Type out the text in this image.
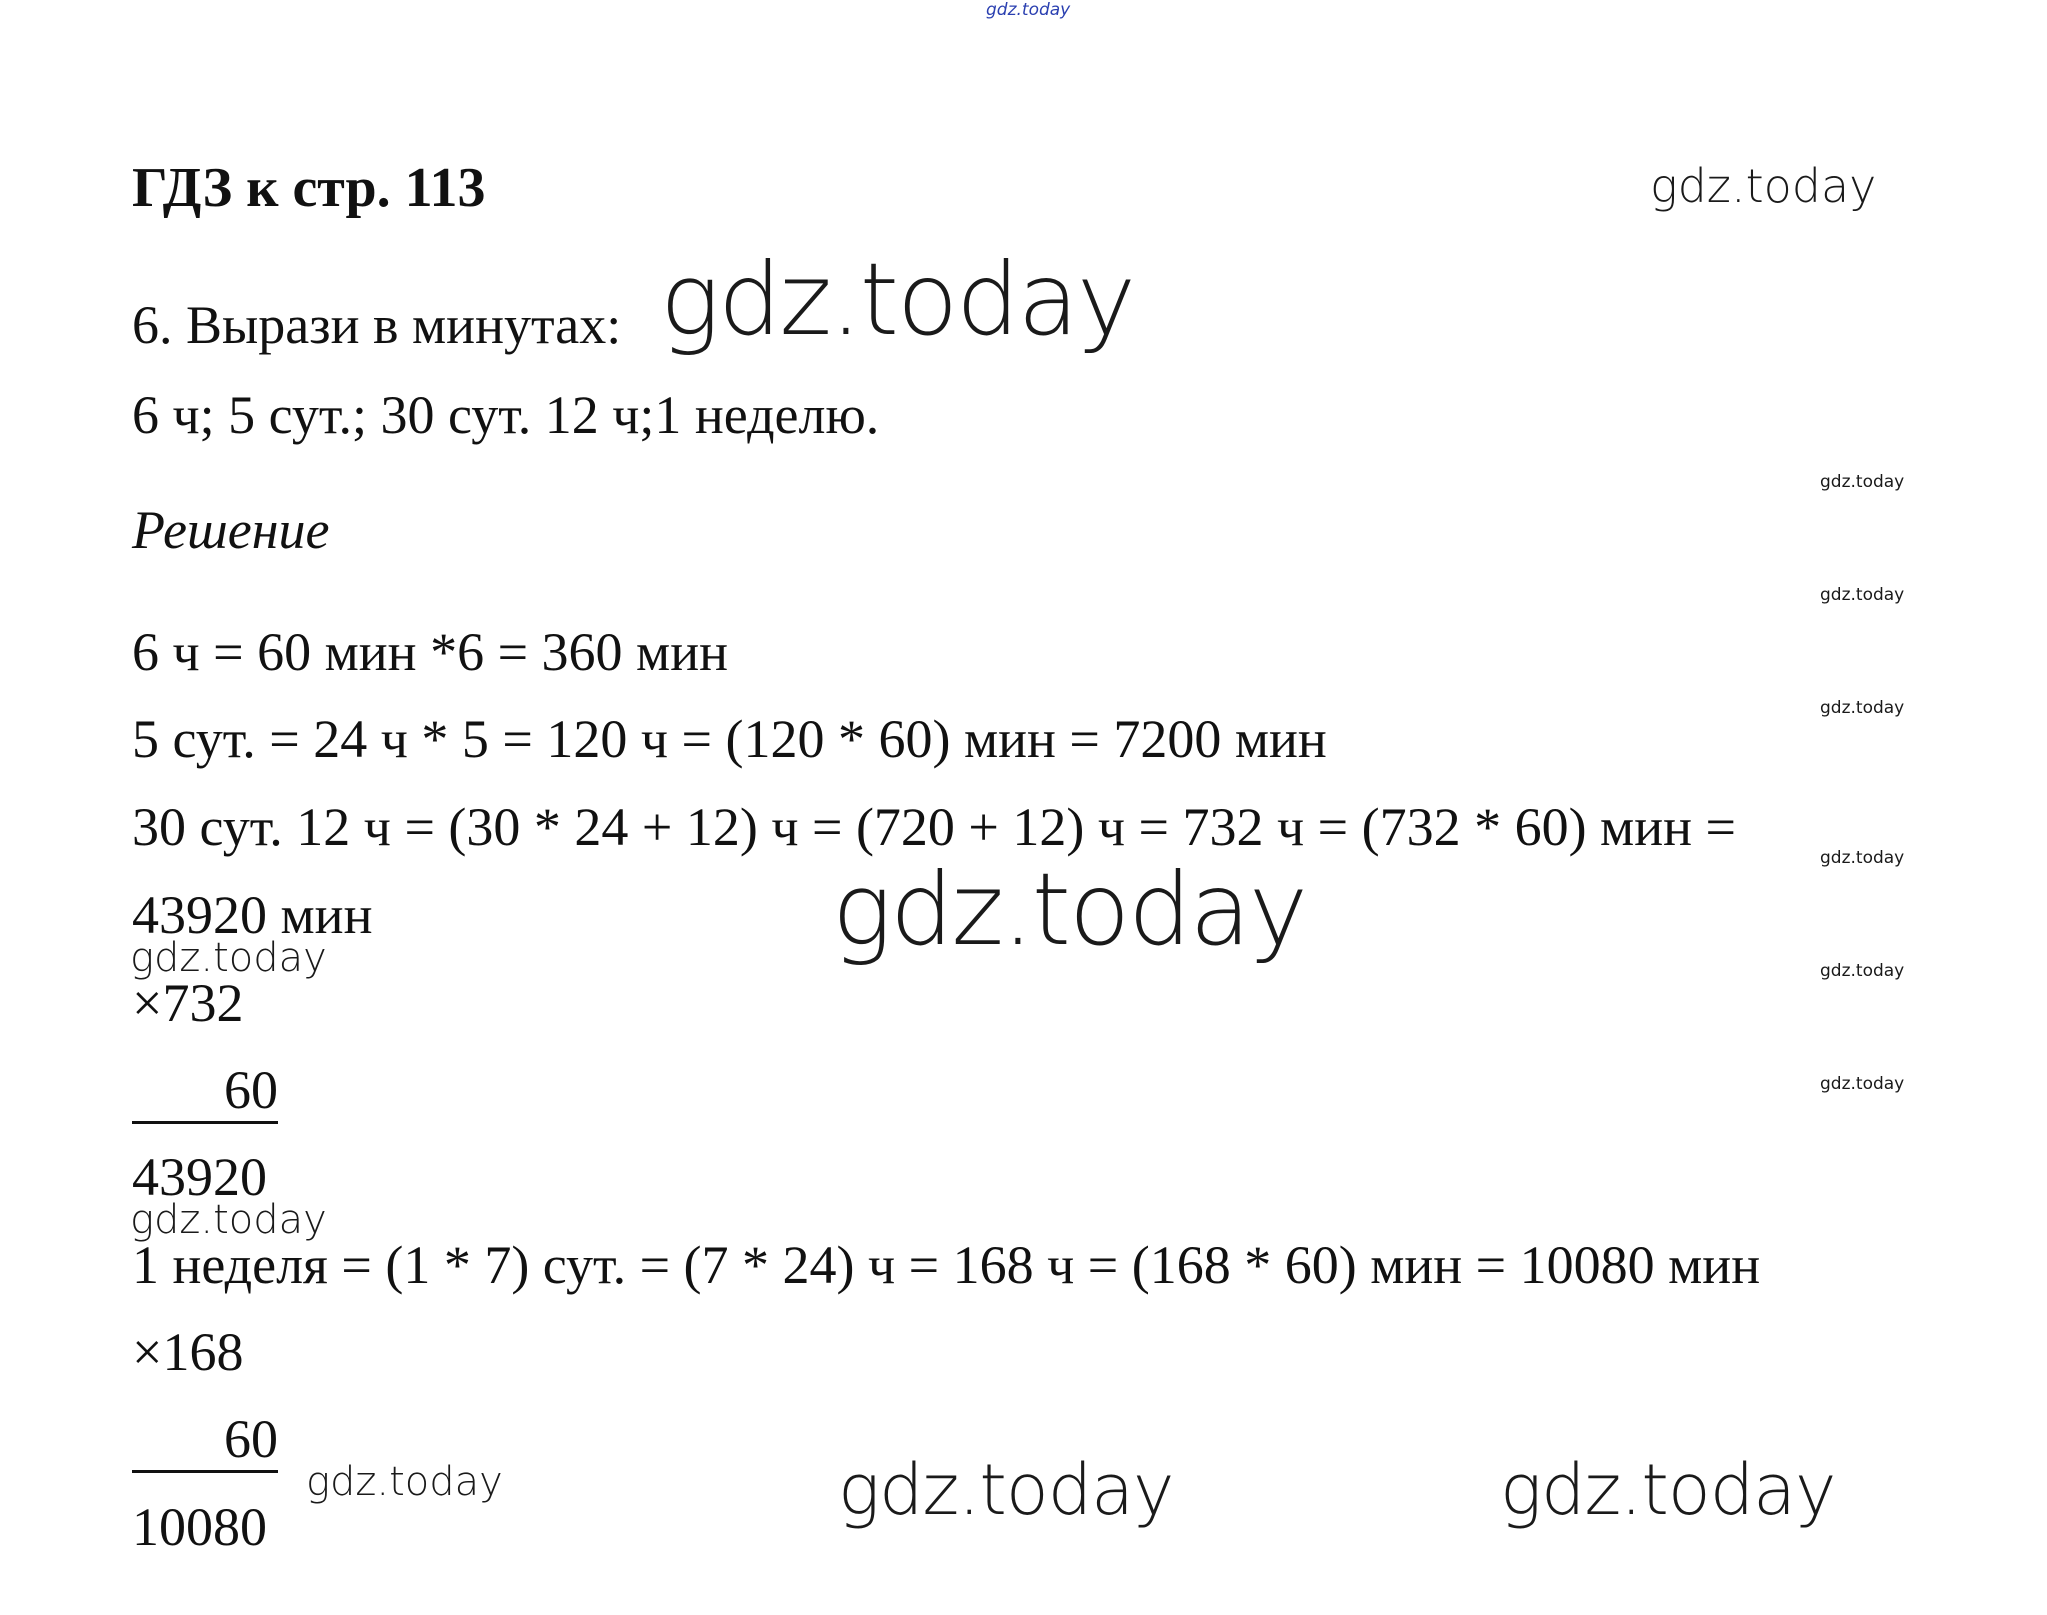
gdz.today
ГДЗ к стр. 113	gdz.today
6. Вырази в минутах: gdz.today
6 ч; 5 сут.; 30 сут. 12 ч;1 неделю.
gdz.today
Решение
gdz.today
6 ч = 60 мин *6 = 360 мин
gdz.today
5 сут. = 24 ч * 5 = 120 ч = (120 * 60) мин = 7200 мин
30 сут. 12 ч = (30 * 24 + 12) ч = (720 + 12) ч = 732 ч = (732 * 60) мин =
gdz.today
43920 мин	gdz.today
gdz.today
×732
gdz.today
60	gdz.today
43920
gdz.today
1 неделя = (1 * 7) сут. = (7 * 24) ч = 168 ч = (168 * 60) мин = 10080 мин
×168
60
10080
gdz.today	gdz.today	gdz.today
